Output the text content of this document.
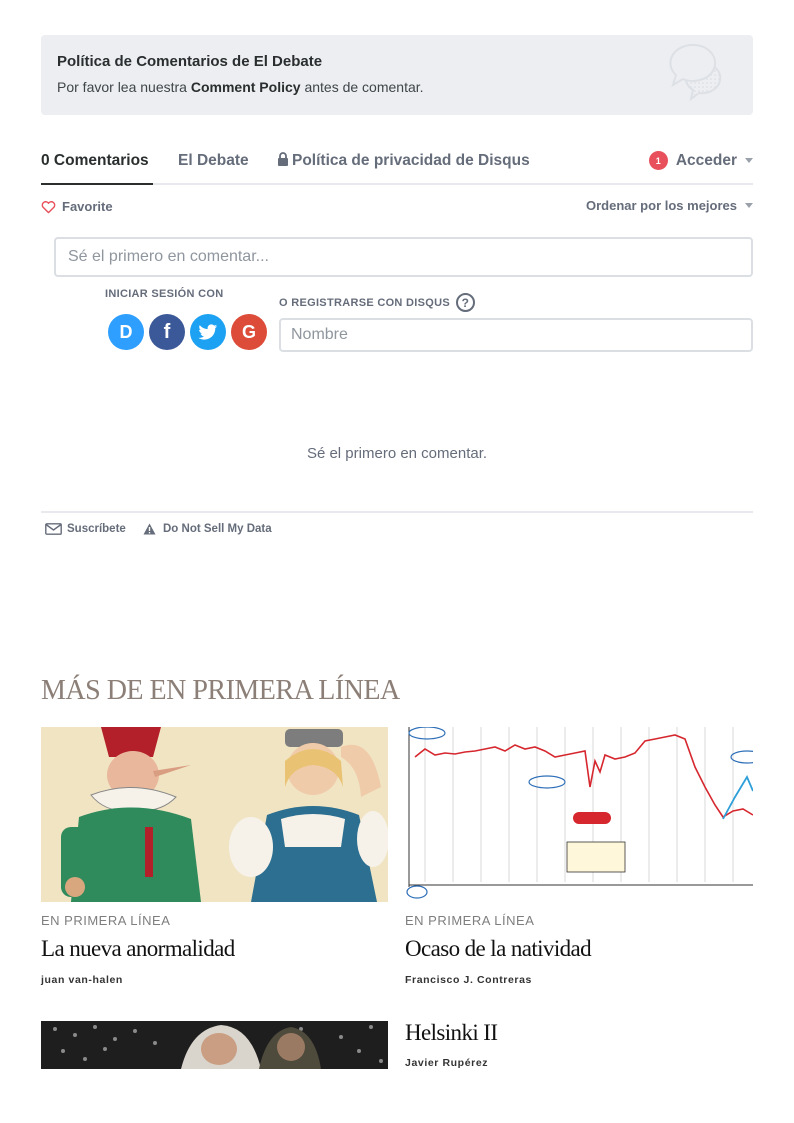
Política de Comentarios de El Debate
Por favor lea nuestra Comment Policy antes de comentar.
0 Comentarios El Debate	Política de privacidad de Disqus	1 Acceder
Favorite	Ordenar por los mejores
Sé el primero en comentar...
INICIAR SESIÓN CON
D f	G
O REGISTRARSE CON DISQUS ?
Nombre
Sé el primero en comentar.
Suscríbete	Do Not Sell My Data
MÁS DE EN PRIMERA LÍNEA
EN PRIMERA LÍNEA
La nueva anormalidad
juan van-halen
EN PRIMERA LÍNEA
Ocaso de la natividad
Francisco J. Contreras
Helsinki II
Javier Rupérez
